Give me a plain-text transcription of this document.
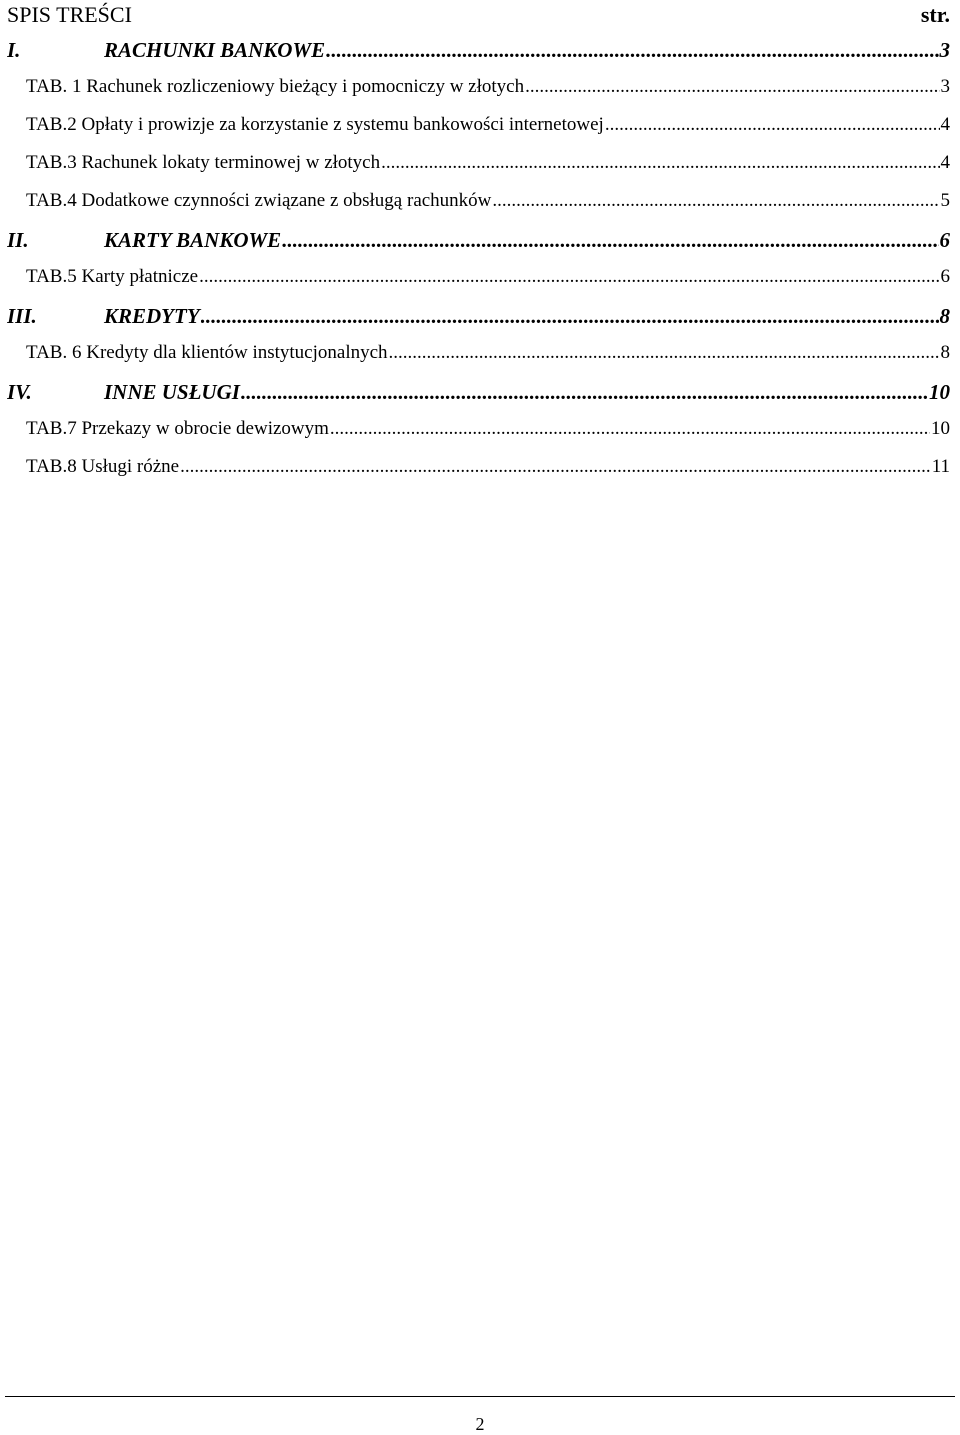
SPIS TREŚCI	str.
I.	RACHUNKI BANKOWE .....	3
TAB. 1 Rachunek rozliczeniowy bieżący i pomocniczy w złotych .....	3
TAB.2 Opłaty i prowizje za korzystanie z systemu bankowości internetowej .....	4
TAB.3 Rachunek lokaty terminowej w złotych .....	4
TAB.4 Dodatkowe czynności związane z obsługą rachunków .....	5
II.	KARTY BANKOWE .....	6
TAB.5 Karty płatnicze .....	6
III.	KREDYTY .....	8
TAB. 6 Kredyty dla klientów instytucjonalnych .....	8
IV.	INNE USŁUGI .....	10
TAB.7 Przekazy w obrocie dewizowym .....	10
TAB.8 Usługi różne .....	11
2
